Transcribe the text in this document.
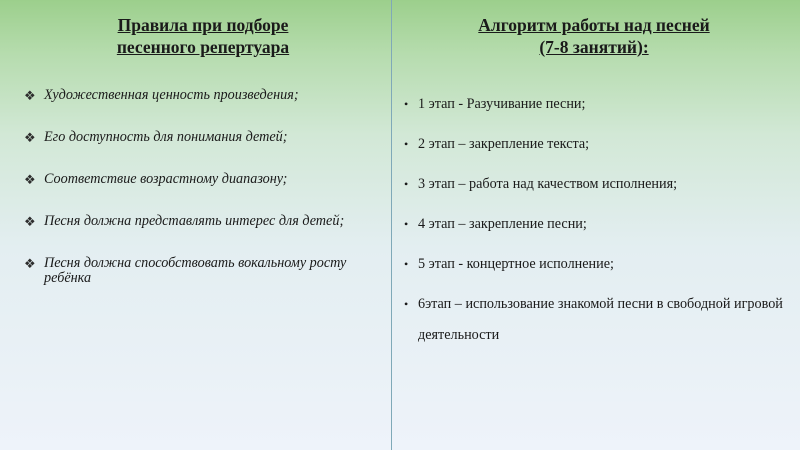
Правила при подборе
песенного репертуара
❖ Художественная ценность произведения;
❖ Его доступность для понимания детей;
❖ Соответствие возрастному диапазону;
❖ Песня должна представлять интерес для детей;
❖ Песня должна способствовать вокальному росту ребёнка
Алгоритм работы над песней
(7-8 занятий):
• 1 этап - Разучивание песни;
• 2 этап – закрепление текста;
• 3 этап – работа над качеством исполнения;
• 4 этап – закрепление песни;
• 5 этап - концертное исполнение;
• 6этап – использование знакомой песни в свободной игровой деятельности
